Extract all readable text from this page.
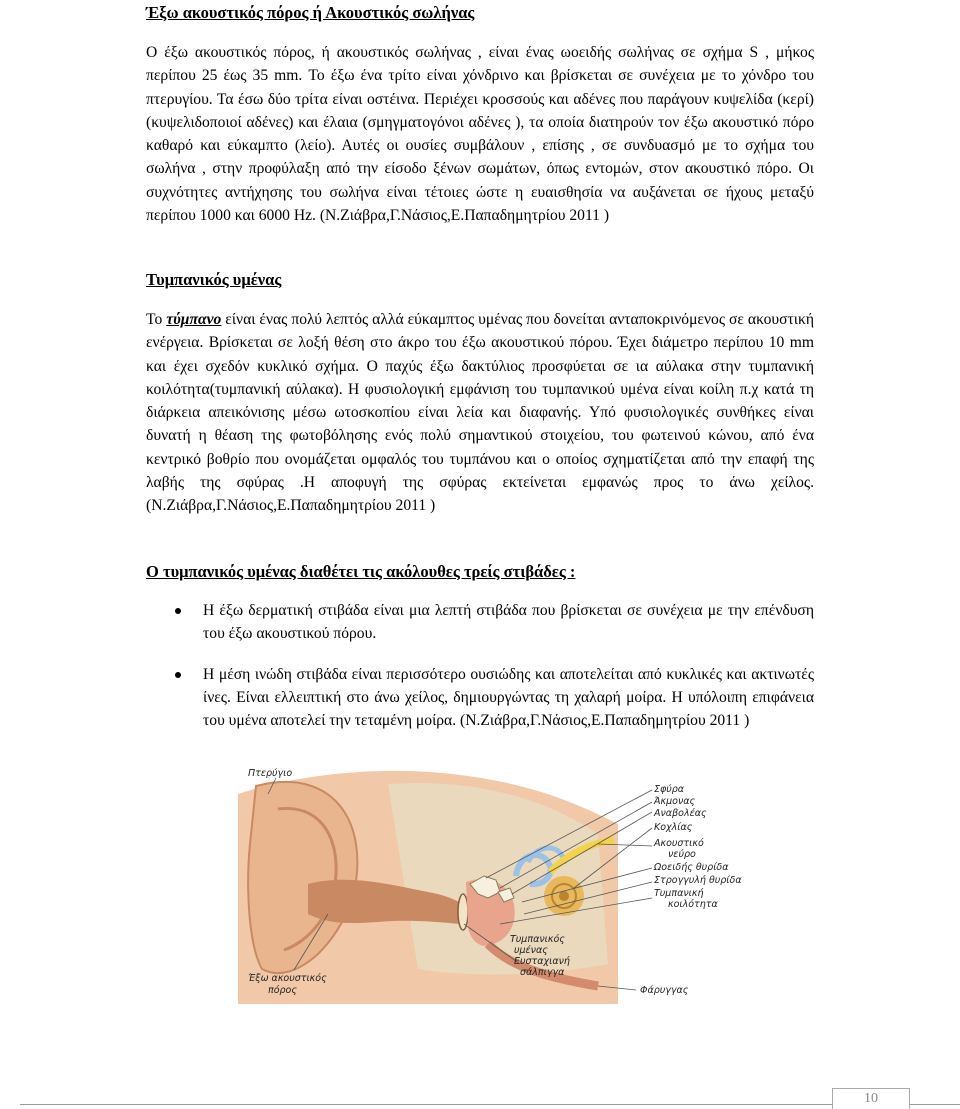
Έξω ακουστικός πόρος ή Ακουστικός σωλήνας

Ο έξω ακουστικός πόρος, ή ακουστικός σωλήνας , είναι ένας ωοειδής σωλήνας σε σχήμα S , μήκος περίπου 25 έως 35 mm. Το έξω ένα τρίτο είναι χόνδρινο και βρίσκεται σε συνέχεια με το χόνδρο του πτερυγίου. Τα έσω δύο τρίτα είναι οστέινα. Περιέχει κροσσούς και αδένες που παράγουν κυψελίδα (κερί) (κυψελιδοποιοί αδένες) και έλαια (σμηγματογόνοι αδένες ), τα οποία διατηρούν τον έξω ακουστικό πόρο καθαρό και εύκαμπτο (λείο). Αυτές οι ουσίες συμβάλουν , επίσης , σε συνδυασμό με το σχήμα του σωλήνα , στην προφύλαξη από την είσοδο ξένων σωμάτων, όπως εντομών, στον ακουστικό πόρο. Οι συχνότητες αντήχησης του σωλήνα είναι τέτοιες ώστε η ευαισθησία να αυξάνεται σε ήχους μεταξύ περίπου 1000 και 6000 Hz. (Ν.Ζιάβρα,Γ.Νάσιος,Ε.Παπαδημητρίου 2011 )

Τυμπανικός υμένας

Το τύμπανο είναι ένας πολύ λεπτός αλλά εύκαμπτος υμένας που δονείται ανταποκρινόμενος σε ακουστική ενέργεια. Βρίσκεται σε λοξή θέση στο άκρο του έξω ακουστικού πόρου. Έχει διάμετρο περίπου 10 mm και έχει σχεδόν κυκλικό σχήμα. Ο παχύς έξω δακτύλιος προσφύεται σε ια αύλακα στην τυμπανική κοιλότητα(τυμπανική αύλακα). Η φυσιολογική εμφάνιση του τυμπανικού υμένα είναι κοίλη π.χ κατά τη διάρκεια απεικόνισης μέσω ωτοσκοπίου είναι λεία και διαφανής. Υπό φυσιολογικές συνθήκες είναι δυνατή η θέαση της φωτοβόλησης ενός πολύ σημαντικού στοιχείου, του φωτεινού κώνου, από ένα κεντρικό βοθρίο που ονομάζεται ομφαλός του τυμπάνου και ο οποίος σχηματίζεται από την επαφή της λαβής της σφύρας .Η αποφυγή της σφύρας εκτείνεται εμφανώς προς το άνω χείλος. (Ν.Ζιάβρα,Γ.Νάσιος,Ε.Παπαδημητρίου 2011 )

Ο τυμπανικός υμένας διαθέτει τις ακόλουθες τρείς στιβάδες :
Η έξω δερματική στιβάδα είναι μια λεπτή στιβάδα που βρίσκεται σε συνέχεια με την επένδυση του έξω ακουστικού πόρου.
Η μέση ινώδη στιβάδα είναι περισσότερο ουσιώδης και αποτελείται από κυκλικές και ακτινωτές ίνες. Είναι ελλειπτική στο άνω χείλος, δημιουργώντας τη χαλαρή μοίρα. Η υπόλοιπη επιφάνεια του υμένα αποτελεί την τεταμένη μοίρα. (Ν.Ζιάβρα,Γ.Νάσιος,Ε.Παπαδημητρίου 2011 )
Πτερύγιο
Σφύρα
Άκμονας
Αναβολέας
Κοχλίας
Ακουστικό
νεύρο
Ωοειδής θυρίδα
Στρογγυλή θυρίδα
Τυμπανική
κοιλότητα
Τυμπανικός
υμένας
Ευσταχιανή
σάλπιγγα
Φάρυγγας
Έξω ακουστικός
πόρος
10
